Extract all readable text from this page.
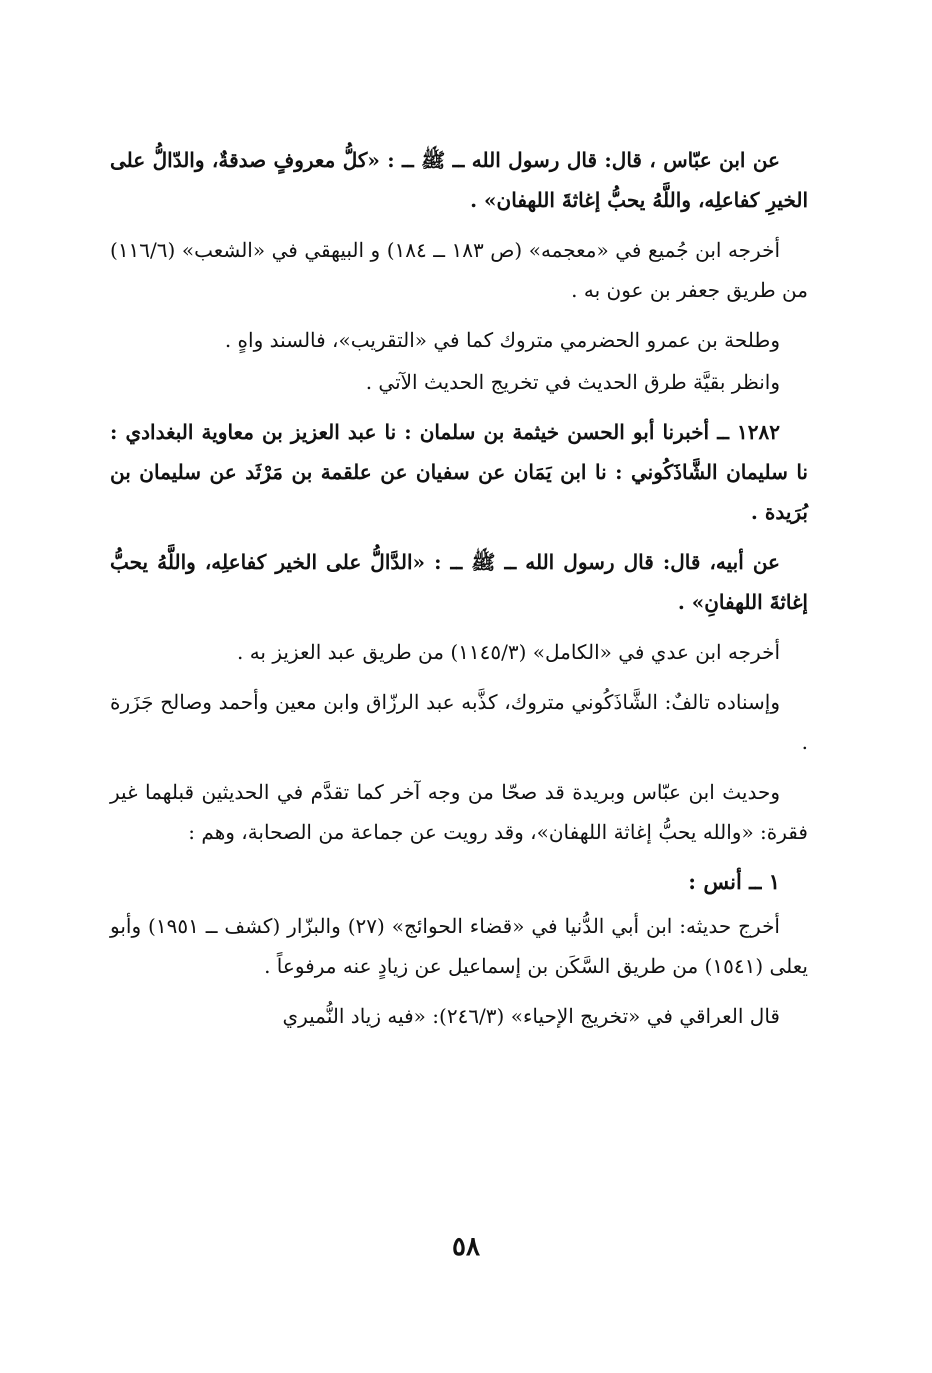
عن ابن عبّاس ، قال: قال رسول الله ــ ﷺ ــ : «كلُّ معروفٍ صدقةٌ، والدّالُّ على الخيرِ كفاعلِه، واللَّهُ يحبُّ إغاثةَ اللهفان» .

أخرجه ابن جُميع في «معجمه» (ص ١٨٣ ــ ١٨٤) و البيهقي في «الشعب» (١١٦/٦) من طريق جعفر بن عون به .

وطلحة بن عمرو الحضرمي متروك كما في «التقريب»، فالسند واهٍ .

وانظر بقيَّة طرق الحديث في تخريج الحديث الآتي .

١٢٨٢ ــ أخبرنا أبو الحسن خيثمة بن سلمان : نا عبد العزيز بن معاوية البغدادي : نا سليمان الشَّاذَكُوني : نا ابن يَمَان عن سفيان عن علقمة بن مَرْثَد عن سليمان بن بُرَيدة .

عن أبيه، قال: قال رسول الله ــ ﷺ ــ : «الدَّالُّ على الخير كفاعلِه، واللَّهُ يحبُّ إغاثةَ اللهفانِ» .

أخرجه ابن عدي في «الكامل» (١١٤٥/٣) من طريق عبد العزيز به .

وإسناده تالفٌ: الشَّاذَكُوني متروك، كذَّبه عبد الرزّاق وابن معين وأحمد وصالح جَزَرة .

وحديث ابن عبّاس وبريدة قد صحّا من وجه آخر كما تقدَّم في الحديثين قبلهما غير فقرة: «والله يحبُّ إغاثة اللهفان»، وقد رويت عن جماعة من الصحابة، وهم :

١ ــ أنس :

أخرج حديثه: ابن أبي الدُّنيا في «قضاء الحوائج» (٢٧) والبزّار (كشف ــ ١٩٥١) وأبو يعلى (١٥٤١) من طريق السَّكَن بن إسماعيل عن زيادٍ عنه مرفوعاً .

قال العراقي في «تخريج الإحياء» (٢٤٦/٣): «فيه زياد النُّميري

٥٨
